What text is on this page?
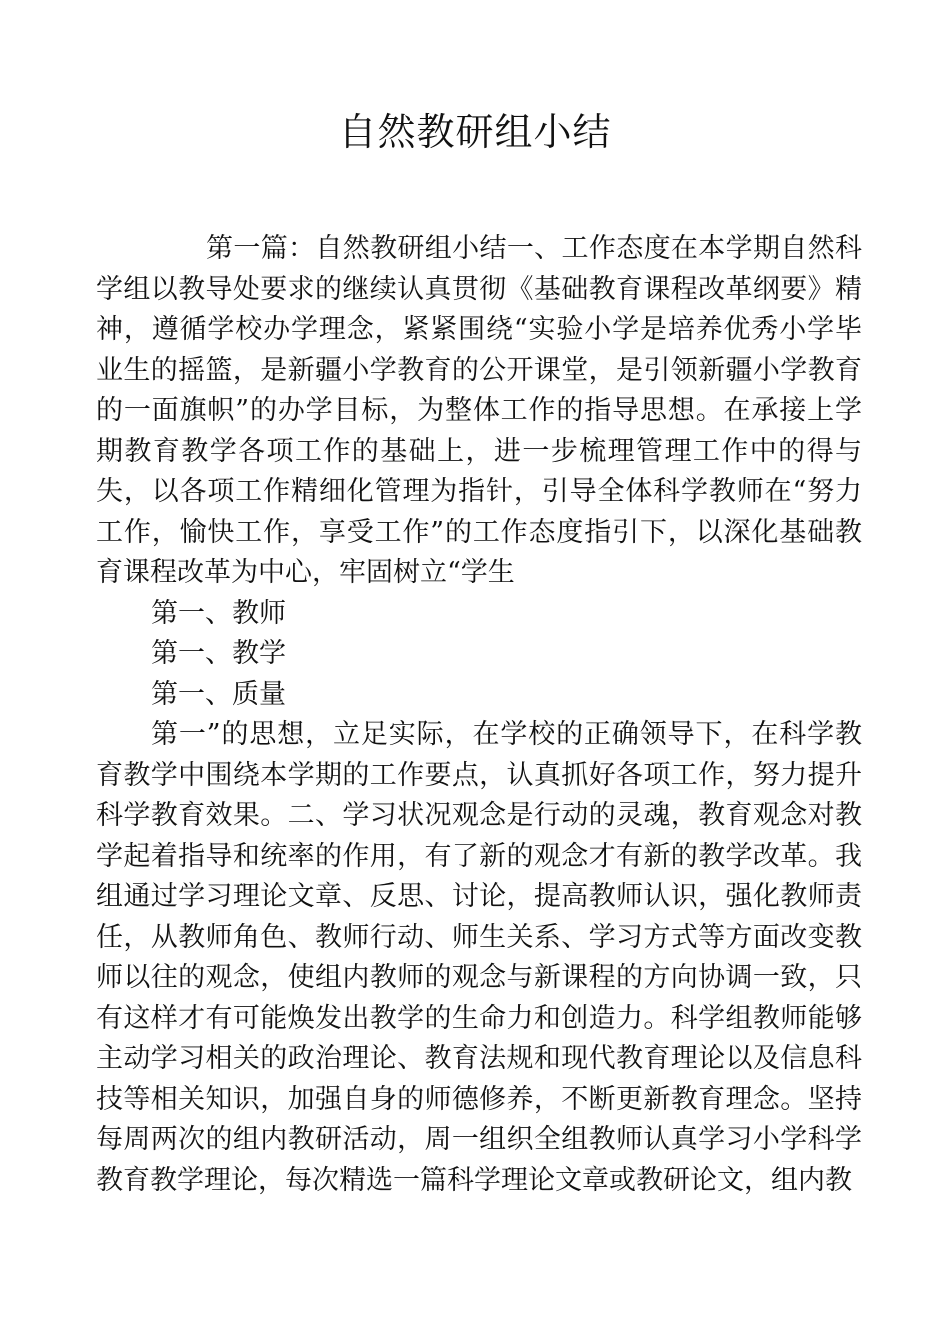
自然教研组小结

第一篇：自然教研组小结一、工作态度在本学期自然科学组以教导处要求的继续认真贯彻《基础教育课程改革纲要》精神，遵循学校办学理念，紧紧围绕“实验小学是培养优秀小学毕业生的摇篮，是新疆小学教育的公开课堂，是引领新疆小学教育的一面旗帜”的办学目标，为整体工作的指导思想。在承接上学期教育教学各项工作的基础上，进一步梳理管理工作中的得与失，以各项工作精细化管理为指针，引导全体科学教师在“努力工作，愉快工作，享受工作”的工作态度指引下，以深化基础教育课程改革为中心，牢固树立“学生

第一、教师

第一、教学

第一、质量

第一”的思想，立足实际，在学校的正确领导下，在科学教育教学中围绕本学期的工作要点，认真抓好各项工作，努力提升科学教育效果。二、学习状况观念是行动的灵魂，教育观念对教学起着指导和统率的作用，有了新的观念才有新的教学改革。我组通过学习理论文章、反思、讨论，提高教师认识，强化教师责任，从教师角色、教师行动、师生关系、学习方式等方面改变教师以往的观念，使组内教师的观念与新课程的方向协调一致，只有这样才有可能焕发出教学的生命力和创造力。科学组教师能够主动学习相关的政治理论、教育法规和现代教育理论以及信息科技等相关知识，加强自身的师德修养，不断更新教育理念。坚持每周两次的组内教研活动，周一组织全组教师认真学习小学科学教育教学理论，每次精选一篇科学理论文章或教研论文，组内教
